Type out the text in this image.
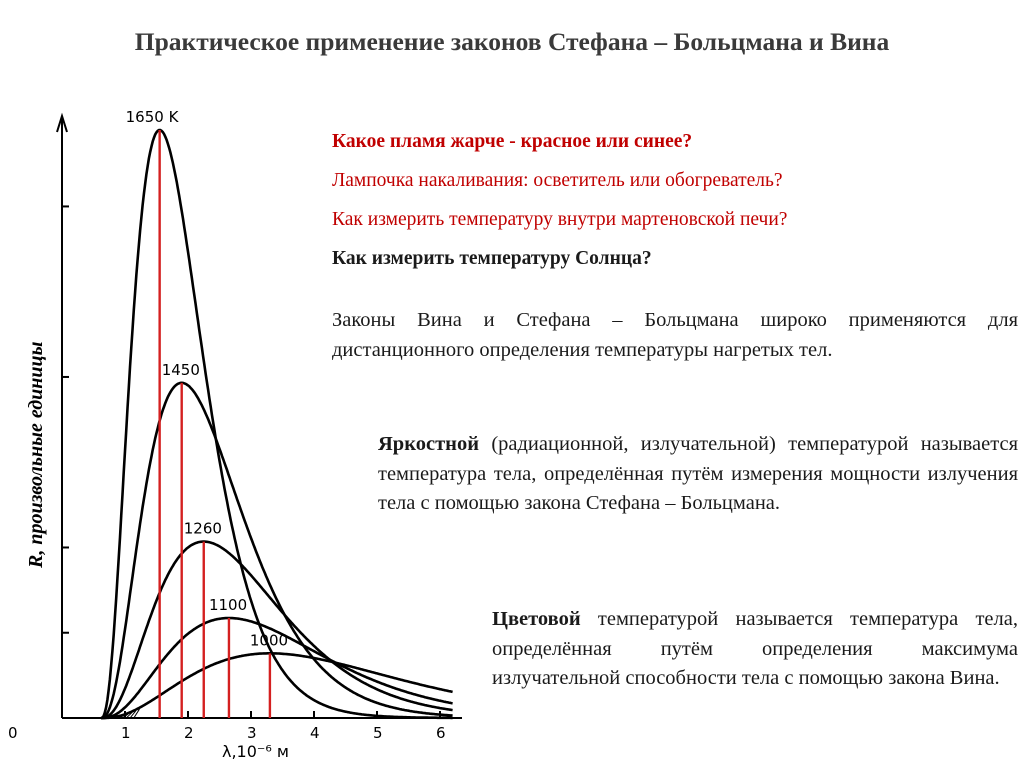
Практическое применение законов Стефана – Больцмана и Вина
0	1	2	3	4	5	6
λ,10⁻⁶ м
R, произвольные единицы
1650 K
1450
1260
1100
1000
Какое пламя жарче - красное или синее?
Лампочка накаливания: осветитель или обогреватель?
Как измерить температуру внутри мартеновской печи?
Как измерить температуру Солнца?
Законы Вина и Стефана – Больцмана широко применяются для дистанционного определения температуры нагретых тел.
Яркостной (радиационной, излучательной) температурой называется температура тела, определённая путём измерения мощности излучения тела с помощью закона Стефана – Больцмана.
Цветовой температурой называется температура тела, определённая путём определения максимума излучательной способности тела с помощью закона Вина.
